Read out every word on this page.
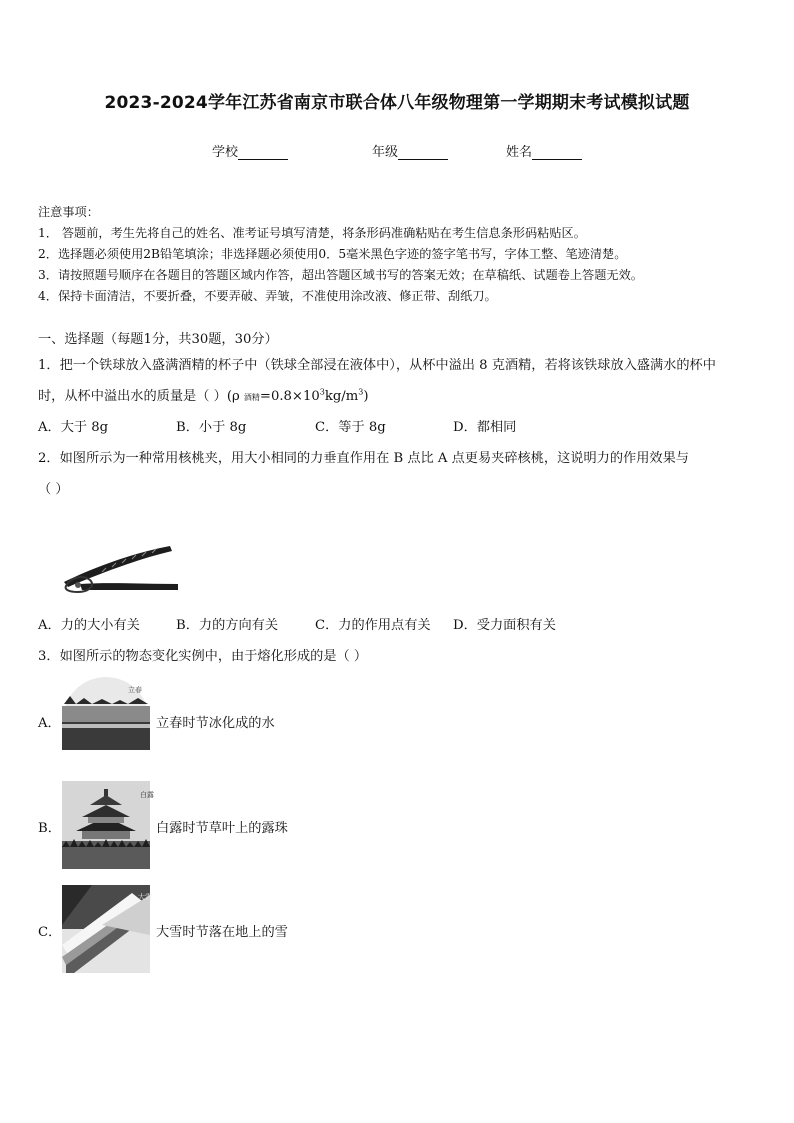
2023-2024学年江苏省南京市联合体八年级物理第一学期期末考试模拟试题
学校	年级	姓名
注意事项：
1． 答题前，考生先将自己的姓名、准考证号填写清楚，将条形码准确粘贴在考生信息条形码粘贴区。
2．选择题必须使用2B铅笔填涂；非选择题必须使用0．5毫米黑色字迹的签字笔书写，字体工整、笔迹清楚。
3．请按照题号顺序在各题目的答题区域内作答，超出答题区域书写的答案无效；在草稿纸、试题卷上答题无效。
4．保持卡面清洁，不要折叠，不要弄破、弄皱，不准使用涂改液、修正带、刮纸刀。
一、选择题（每题1分，共30题，30分）
1．把一个铁球放入盛满酒精的杯子中（铁球全部浸在液体中），从杯中溢出 8 克酒精，若将该铁球放入盛满水的杯中
时，从杯中溢出水的质量是（ ）(ρ 酒精$=0.8\times 10^3kg/m^3$)
A．大于 8g	B．小于 8g	C．等于 8g	D．都相同
2．如图所示为一种常用核桃夹，用大小相同的力垂直作用在 B 点比 A 点更易夹碎核桃，这说明力的作用效果与
（ ）
A．力的大小有关	B．力的方向有关	C．力的作用点有关 D．受力面积有关
3．如图所示的物态变化实例中，由于熔化形成的是（ ）
A．
立春
立春时节冰化成的水
B．
白露
白露时节草叶上的露珠
C．
大雪
大雪时节落在地上的雪
